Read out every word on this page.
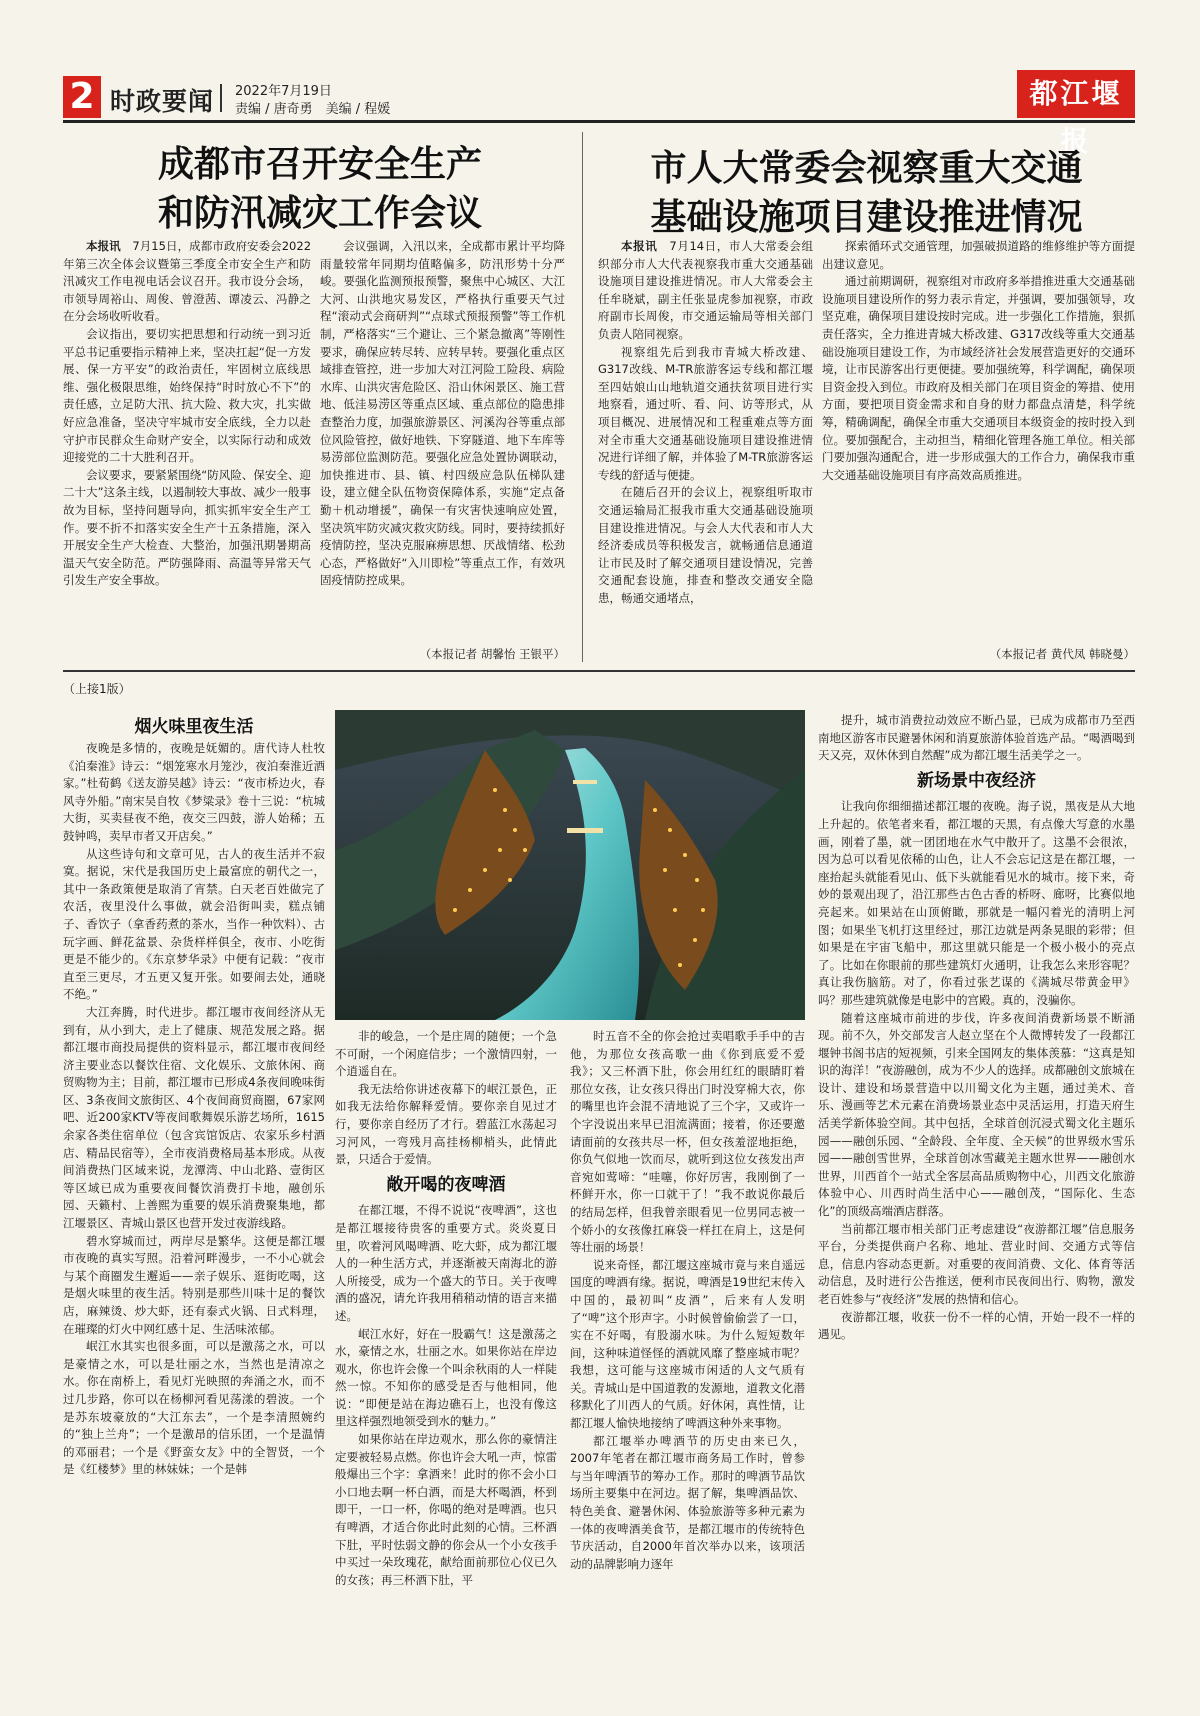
2 时政要闻 2022年7月19日
责编 / 唐奇勇　美编 / 程媛	都江堰报
成都市召开安全生产
和防汛减灾工作会议

本报讯　 7月15日，成都市政府安委会2022年第三次全体会议暨第三季度全市安全生产和防汛减灾工作电视电话会议召开。我市设分会场，市领导周裕山、周俊、曾澄茜、谭凌云、冯静之在分会场收听收看。

会议指出，要切实把思想和行动统一到习近平总书记重要指示精神上来，坚决扛起“促一方发展、保一方平安”的政治责任，牢固树立底线思维、强化极限思维，始终保持“时时放心不下”的责任感，立足防大汛、抗大险、救大灾，扎实做好应急准备，坚决守牢城市安全底线，全力以赴守护市民群众生命财产安全，以实际行动和成效迎接党的二十大胜利召开。

会议要求，要紧紧围绕“防风险、保安全、迎二十大”这条主线，以遏制较大事故、减少一般事故为目标，坚持问题导向，抓实抓牢安全生产工作。要不折不扣落实安全生产十五条措施，深入开展安全生产大检查、大整治，加强汛期暑期高温天气安全防范。严防强降雨、高温等异常天气引发生产安全事故。

会议强调，入汛以来，全成都市累计平均降雨量较常年同期均值略偏多，防汛形势十分严峻。要强化监测预报预警，聚焦中心城区、大江大河、山洪地灾易发区，严格执行重要天气过程“滚动式会商研判”“点球式预报预警”等工作机制，严格落实“三个避让、三个紧急撤离”等刚性要求，确保应转尽转、应转早转。要强化重点区域排查管控，进一步加大对江河险工险段、病险水库、山洪灾害危险区、沿山休闲景区、施工营地、低洼易涝区等重点区域、重点部位的隐患排查整治力度，加强旅游景区、河溪沟谷等重点部位风险管控，做好地铁、下穿隧道、地下车库等易涝部位监测防范。要强化应急处置协调联动，加快推进市、县、镇、村四级应急队伍梯队建设，建立健全队伍物资保障体系，实施“定点备勤＋机动增援”，确保一有灾害快速响应处置，坚决筑牢防灾减灾救灾防线。同时，要持续抓好疫情防控，坚决克服麻痹思想、厌战情绪、松劲心态，严格做好“入川即检”等重点工作，有效巩固疫情防控成果。

（本报记者 胡馨怡 王银平）
市人大常委会视察重大交通
基础设施项目建设推进情况

本报讯　 7月14日，市人大常委会组织部分市人大代表视察我市重大交通基础设施项目建设推进情况。市人大常委会主任牟晓斌，副主任张显虎参加视察，市政府副市长周俊，市交通运输局等相关部门负责人陪同视察。

视察组先后到我市青城大桥改建、G317改线、M-TR旅游客运专线和都江堰至四姑娘山山地轨道交通扶贫项目进行实地察看，通过听、看、问、访等形式，从项目概况、进展情况和工程重难点等方面对全市重大交通基础设施项目建设推进情况进行详细了解，并体验了M-TR旅游客运专线的舒适与便捷。

在随后召开的会议上，视察组听取市交通运输局汇报我市重大交通基础设施项目建设推进情况。与会人大代表和市人大经济委成员等积极发言，就畅通信息通道让市民及时了解交通项目建设情况，完善交通配套设施，排查和整改交通安全隐患，畅通交通堵点，

探索循环式交通管理，加强破损道路的维修维护等方面提出建议意见。

通过前期调研，视察组对市政府多举措推进重大交通基础设施项目建设所作的努力表示肯定，并强调，要加强领导，攻坚克难，确保项目建设按时完成。进一步强化工作措施，狠抓责任落实，全力推进青城大桥改建、G317改线等重大交通基础设施项目建设工作，为市域经济社会发展营造更好的交通环境，让市民游客出行更便捷。要加强统筹，科学调配，确保项目资金投入到位。市政府及相关部门在项目资金的筹措、使用方面，要把项目资金需求和自身的财力都盘点清楚，科学统筹，精确调配，确保全市重大交通项目本级资金的按时投入到位。要加强配合，主动担当，精细化管理各施工单位。相关部门要加强沟通配合，进一步形成强大的工作合力，确保我市重大交通基础设施项目有序高效高质推进。

（本报记者 黄代凤 韩晓曼）
（上接1版）
烟火味里夜生活

夜晚是多情的，夜晚是妩媚的。唐代诗人杜牧《泊秦淮》诗云：“烟笼寒水月笼沙，夜泊秦淮近酒家。”杜荀鹤《送友游吴越》诗云：“夜市桥边火，春风寺外船。”南宋吴自牧《梦粱录》卷十三说：“杭城大街，买卖昼夜不绝，夜交三四鼓，游人始稀；五鼓钟鸣，卖早市者又开店矣。”

从这些诗句和文章可见，古人的夜生活并不寂寞。据说，宋代是我国历史上最富庶的朝代之一，其中一条政策便是取消了宵禁。白天老百姓做完了农活，夜里没什么事做，就会沿街叫卖，糕点铺子、香饮子（拿香药煮的茶水，当作一种饮料）、古玩字画、鲜花盆景、杂货样样俱全，夜市、小吃街更是不能少的。《东京梦华录》中便有记载：“夜市直至三更尽，才五更又复开张。如要闹去处，通晓不绝。”

大江奔腾，时代进步。都江堰市夜间经济从无到有，从小到大，走上了健康、规范发展之路。据都江堰市商投局提供的资料显示，都江堰市夜间经济主要业态以餐饮住宿、文化娱乐、文旅休闲、商贸购物为主；目前，都江堰市已形成4条夜间晚味街区、3条夜间文旅街区、4个夜间商贸商圈，67家网吧、近200家KTV等夜间歌舞娱乐游艺场所，1615余家各类住宿单位（包含宾馆饭店、农家乐乡村酒店、精品民宿等），全市夜消费格局基本形成。从夜间消费热门区域来说，龙潭湾、中山北路、壹街区等区域已成为重要夜间餐饮消费打卡地，融创乐园、天籁村、上善熙为重要的娱乐消费聚集地，都江堰景区、青城山景区也营开发过夜游线路。

碧水穿城而过，两岸尽是繁华。这便是都江堰市夜晚的真实写照。沿着河畔漫步，一不小心就会与某个商圈发生邂逅——亲子娱乐、逛街吃喝，这是烟火味里的夜生活。特别是那些川味十足的餐饮店，麻辣烫、炒大虾，还有泰式火锅、日式料理，在璀璨的灯火中网红感十足、生活味浓郁。

岷江水其实也很多面，可以是激荡之水，可以是豪情之水，可以是壮丽之水，当然也是清凉之水。你在南桥上，看见灯光映照的奔涌之水，而不过几步路，你可以在杨柳河看见荡漾的碧波。一个是苏东坡豪放的“大江东去”，一个是李清照婉约的“独上兰舟”；一个是激昂的信乐团，一个是温情的邓丽君；一个是《野蛮女友》中的全智贤，一个是《红楼梦》里的林妹妹；一个是韩

非的峻急，一个是庄周的随便；一个急不可耐，一个闲庭信步；一个激情四射，一个逍遥自在。

我无法给你讲述夜幕下的岷江景色，正如我无法给你解释爱情。要你亲自见过才行，要你亲自经历了才行。碧蓝江水荡起习习河风，一弯残月高挂杨柳梢头，此情此景，只适合于爱情。

敞开喝的夜啤酒

在都江堰，不得不说说“夜啤酒”，这也是都江堰接待贵客的重要方式。炎炎夏日里，吹着河风喝啤酒、吃大虾，成为都江堰人的一种生活方式，并逐渐被天南海北的游人所接受，成为一个盛大的节日。关于夜啤酒的盛况，请允许我用稍稍动情的语言来描述。

岷江水好，好在一股霸气！这是激荡之水，豪情之水，壮丽之水。如果你站在岸边观水，你也许会像一个叫余秋雨的人一样陡然一惊。不知你的感受是否与他相同，他说：“即便是站在海边礁石上，也没有像这里这样强烈地领受到水的魅力。”

如果你站在岸边观水，那么你的豪情注定要被轻易点燃。你也许会大吼一声，惊雷般爆出三个字：拿酒来！此时的你不会小口小口地去啊一杯白酒，而是大杯喝酒，杯到即干，一口一杯，你喝的绝对是啤酒。也只有啤酒，才适合你此时此刻的心情。三杯酒下肚，平时怯弱文静的你会从一个小女孩手中买过一朵玫瑰花，献给面前那位心仪已久的女孩；再三杯酒下肚，平

时五音不全的你会抢过卖唱歌手手中的吉他，为那位女孩高歌一曲《你到底爱不爱我》；又三杯酒下肚，你会用红红的眼睛盯着那位女孩，让女孩只得出门时没穿棉大衣，你的嘴里也许会混不清地说了三个字，又或许一个字没说出来早已泪流满面；接着，你还要邀请面前的女孩共尽一杯，但女孩羞涩地拒绝，你负气似地一饮而尽，就听到这位女孩发出声音宛如莺啼：“哇噻，你好厉害，我刚倒了一杯鲜开水，你一口就干了！”我不敢说你最后的结局怎样，但我曾亲眼看见一位男同志被一个娇小的女孩像扛麻袋一样扛在肩上，这是何等壮丽的场景！

说来奇怪，都江堰这座城市竟与来自遥远国度的啤酒有缘。据说，啤酒是19世纪末传入中国的，最初叫“皮酒”，后来有人发明了“啤”这个形声字。小时候曾偷偷尝了一口，实在不好喝，有股溺水味。为什么短短数年间，这种味道怪怪的酒就风靡了整座城市呢？我想，这可能与这座城市闲适的人文气质有关。青城山是中国道教的发源地，道教文化潜移默化了川西人的气质。好休闲，真性情，让都江堰人愉快地接纳了啤酒这种外来事物。

都江堰举办啤酒节的历史由来已久，2007年笔者在都江堰市商务局工作时，曾参与当年啤酒节的筹办工作。那时的啤酒节品饮场所主要集中在河边。据了解，集啤酒品饮、特色美食、避暑休闲、体验旅游等多种元素为一体的夜啤酒美食节，是都江堰市的传统特色节庆活动，自2000年首次举办以来，该项活动的品牌影响力逐年

提升，城市消费拉动效应不断凸显，已成为成都市乃至西南地区游客市民避暑休闲和消夏旅游体验首选产品。“喝酒喝到天又亮，双休休到自然醒”成为都江堰生活美学之一。

新场景中夜经济

让我向你细细描述都江堰的夜晚。海子说，黑夜是从大地上升起的。依笔者来看，都江堰的天黑，有点像大写意的水墨画，刚着了墨，就一团团地在水气中散开了。这墨不会很浓，因为总可以看见依稀的山色，让人不会忘记这是在都江堰，一座抬起头就能看见山、低下头就能看见水的城市。接下来，奇妙的景观出现了，沿江那些古色古香的桥呀、廊呀，比赛似地亮起来。如果站在山顶俯瞰，那就是一幅闪着光的清明上河图；如果坐飞机打这里经过，那江边就是两条晃眼的彩带；但如果是在宇宙飞船中，那这里就只能是一个极小极小的亮点了。比如在你眼前的那些建筑灯火通明，让我怎么来形容呢？真让我伤脑筋。对了，你看过张艺谋的《满城尽带黄金甲》吗？那些建筑就像是电影中的宫殿。真的，没骗你。

随着这座城市前进的步伐，许多夜间消费新场景不断涌现。前不久，外交部发言人赵立坚在个人微博转发了一段都江堰钟书阁书店的短视频，引来全国网友的集体羡慕：“这真是知识的海洋！”夜游融创，成为不少人的选择。成都融创文旅城在设计、建设和场景营造中以川蜀文化为主题，通过美术、音乐、漫画等艺术元素在消费场景业态中灵活运用，打造天府生活美学新体验空间。其中包括，全球首创沉浸式蜀文化主题乐园——融创乐园、“全龄段、全年度、全天候”的世界级水雪乐园——融创雪世界，全球首创冰雪藏羌主题水世界——融创水世界，川西首个一站式全客层高品质购物中心，川西文化旅游体验中心、川西时尚生活中心——融创茂，“国际化、生态化”的顶级高端酒店群落。

当前都江堰市相关部门正考虑建设“夜游都江堰”信息服务平台，分类提供商户名称、地址、营业时间、交通方式等信息，信息内容动态更新。对重要的夜间消费、文化、体育等活动信息，及时进行公告推送，便利市民夜间出行、购物，激发老百姓参与“夜经济”发展的热情和信心。

夜游都江堰，收获一份不一样的心情，开始一段不一样的遇见。
